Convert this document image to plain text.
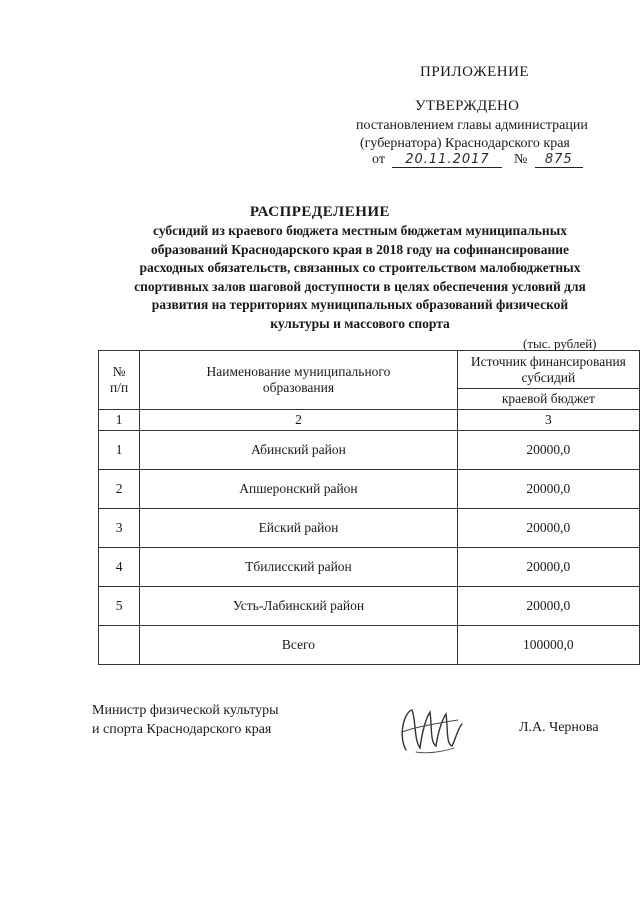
ПРИЛОЖЕНИЕ
УТВЕРЖДЕНО
постановлением главы администрации
(губернатора) Краснодарского края
от 20.11.2017 № 875
РАСПРЕДЕЛЕНИЕ
субсидий из краевого бюджета местным бюджетам муниципальных
образований Краснодарского края в 2018 году на софинансирование
расходных обязательств, связанных со строительством малобюджетных
спортивных залов шаговой доступности в целях обеспечения условий для
развития на территориях муниципальных образований физической
культуры и массового спорта
(тыс. рублей)
№
п/п	Наименование муниципального образования	Источник финансирования субсидий
		краевой бюджет
1	2	3
1	Абинский район	20000,0
2	Апшеронский район	20000,0
3	Ейский район	20000,0
4	Тбилисский район	20000,0
5	Усть-Лабинский район	20000,0
	Всего	100000,0
Министр физической культуры
и спорта Краснодарского края	Л.А. Чернова
